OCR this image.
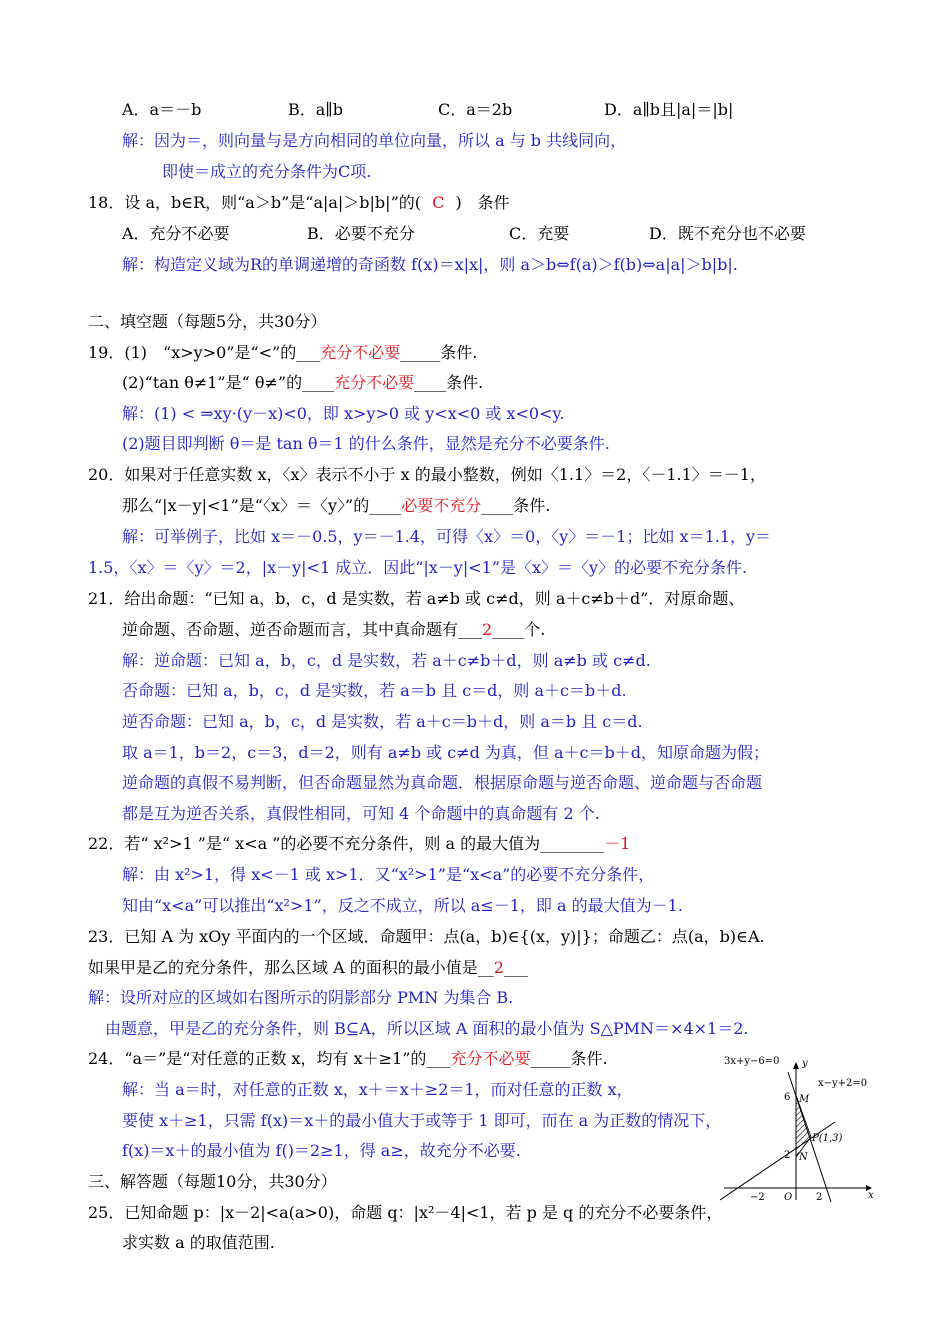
A．a＝－b	B．a∥b	C．a＝2b	D．a∥b且|a|＝|b|
解：因为＝，则向量与是方向相同的单位向量，所以 a 与 b 共线同向，
即使＝成立的充分条件为C项.
18．设 a，b∈R，则“a＞b”是“a|a|＞b|b|”的( C )　条件
A．充分不必要	B．必要不充分	C．充要	D．既不充分也不必要
解：构造定义域为R的单调递增的奇函数 f(x)＝x|x|，则 a＞b⇔f(a)＞f(b)⇔a|a|＞b|b|.
二、填空题（每题5分，共30分）
19．(1)　“x>y>0”是“<”的___充分不必要_____条件.
(2)“tan θ≠1”是“ θ≠”的____充分不必要____条件.
解：(1) < ⇒xy·(y－x)<0，即 x>y>0 或 y<x<0 或 x<0<y.
(2)题目即判断 θ＝是 tan θ＝1 的什么条件，显然是充分不必要条件.
20．如果对于任意实数 x，〈x〉表示不小于 x 的最小整数，例如〈1.1〉＝2，〈－1.1〉＝－1，
那么“|x－y|<1”是“〈x〉＝〈y〉”的____必要不充分____条件.
解：可举例子，比如 x＝－0.5，y＝－1.4，可得〈x〉＝0，〈y〉＝－1；比如 x＝1.1，y＝
1.5，〈x〉＝〈y〉＝2，|x－y|<1 成立．因此“|x－y|<1”是〈x〉＝〈y〉的必要不充分条件.
21．给出命题：“已知 a，b，c，d 是实数，若 a≠b 或 c≠d，则 a＋c≠b＋d”．对原命题、
逆命题、否命题、逆否命题而言，其中真命题有___2____个.
解：逆命题：已知 a，b，c，d 是实数，若 a＋c≠b＋d，则 a≠b 或 c≠d.
否命题：已知 a，b，c，d 是实数，若 a＝b 且 c＝d，则 a＋c＝b＋d.
逆否命题：已知 a，b，c，d 是实数，若 a＋c＝b＋d，则 a＝b 且 c＝d.
取 a＝1，b＝2，c＝3，d＝2，则有 a≠b 或 c≠d 为真，但 a＋c＝b＋d，知原命题为假；
逆命题的真假不易判断，但否命题显然为真命题．根据原命题与逆否命题、逆命题与否命题
都是互为逆否关系，真假性相同，可知 4 个命题中的真命题有 2 个.
22．若“ x²>1 ”是“ x<a ”的必要不充分条件，则 a 的最大值为________－1
解：由 x²>1，得 x<－1 或 x>1．又“x²>1”是“x<a”的必要不充分条件，
知由“x<a”可以推出“x²>1”，反之不成立，所以 a≤－1，即 a 的最大值为－1.
23．已知 A 为 xOy 平面内的一个区域．命题甲：点(a，b)∈{(x，y)|}；命题乙：点(a，b)∈A.
如果甲是乙的充分条件，那么区域 A 的面积的最小值是__2___
解：设所对应的区域如右图所示的阴影部分 PMN 为集合 B.
由题意，甲是乙的充分条件，则 B⊆A，所以区域 A 面积的最小值为 S△PMN＝×4×1＝2.
24．“a＝”是“对任意的正数 x，均有 x＋≥1”的___充分不必要_____条件.
解：当 a＝时，对任意的正数 x，x＋＝x＋≥2＝1，而对任意的正数 x，
要使 x＋≥1，只需 f(x)＝x＋的最小值大于或等于 1 即可，而在 a 为正数的情况下，
f(x)＝x＋的最小值为 f()＝2≥1，得 a≥，故充分不必要.
三、解答题（每题10分，共30分）
25．已知命题 p：|x－2|<a(a>0)，命题 q：|x²－4|<1，若 p 是 q 的充分不必要条件，
求实数 a 的取值范围.
3x+y−6=0
x−y+2=0
y
x
O
6
2
−2	2
M
N
P(1,3)
